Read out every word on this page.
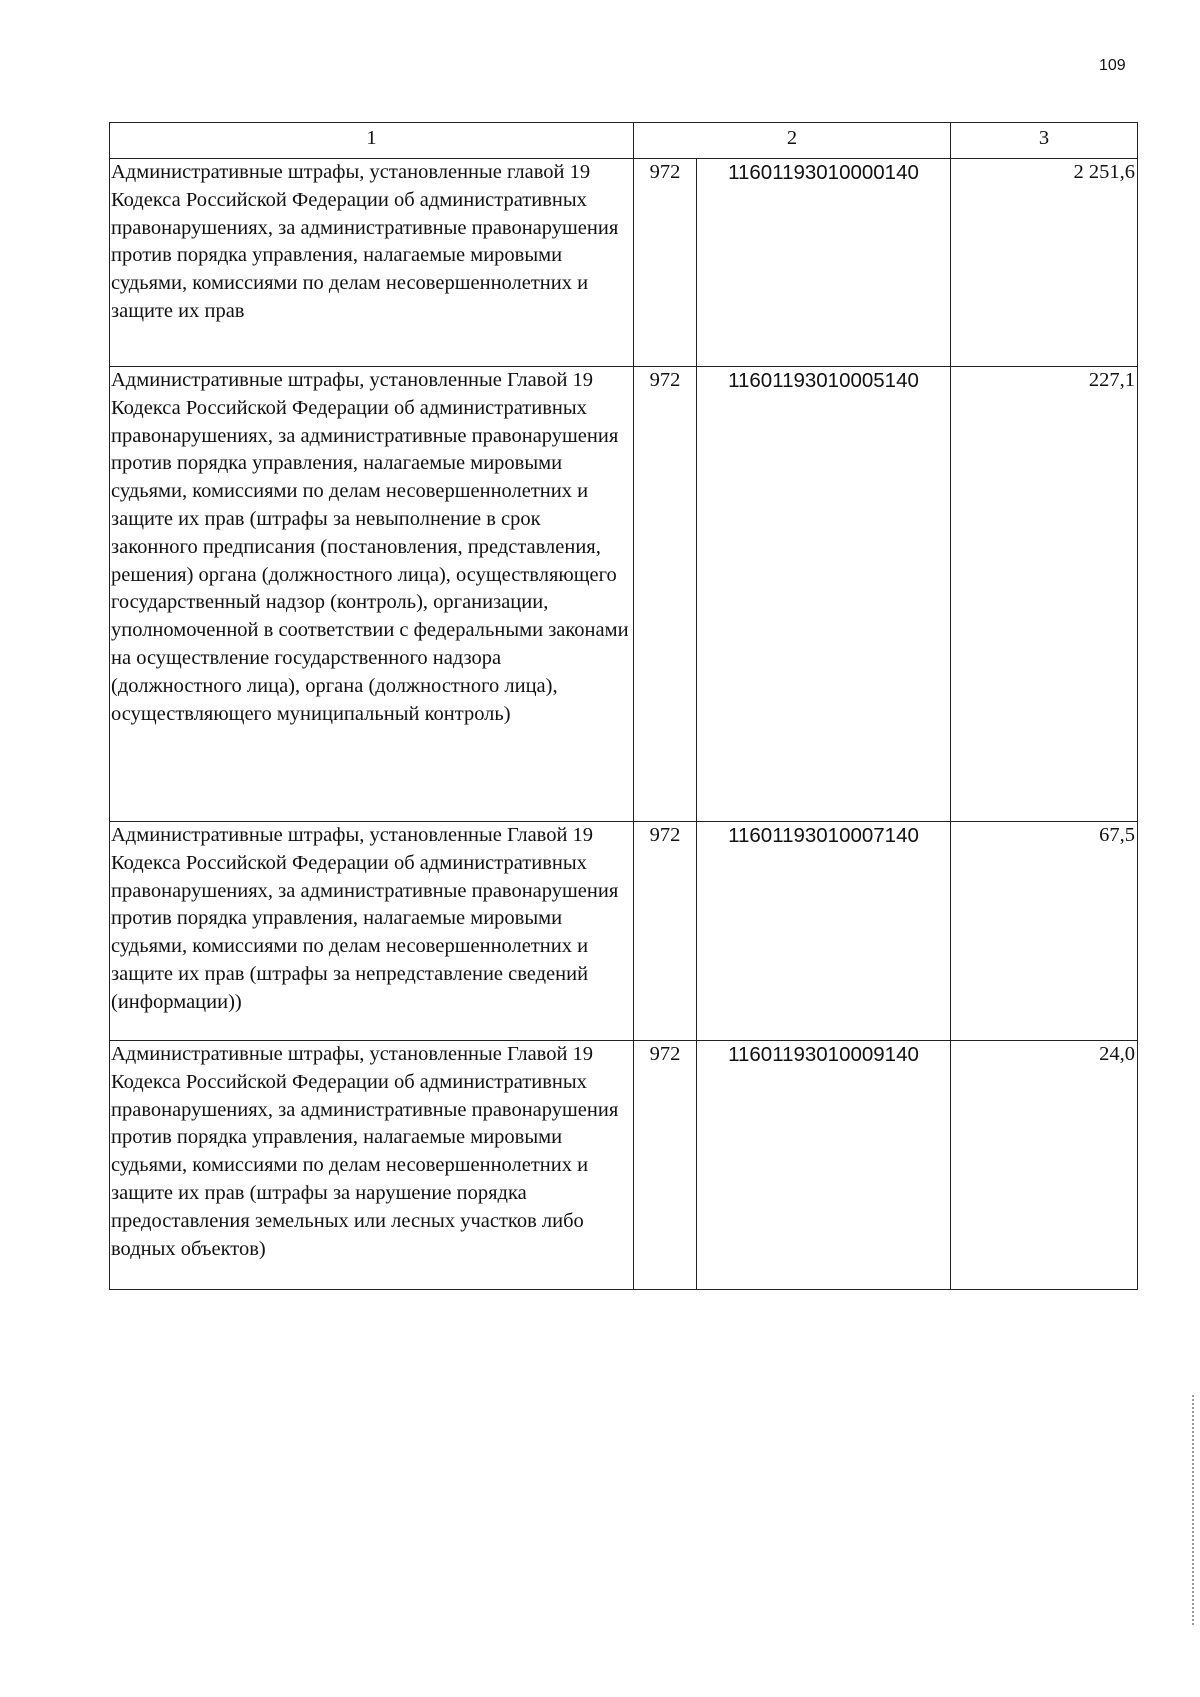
109
1	2		3
Административные штрафы, установленные главой 19 Кодекса Российской Федерации об административных правонарушениях, за административные правонарушения против порядка управления, налагаемые мировыми судьями, комиссиями по делам несовершеннолетних и защите их прав	972	11601193010000140	2 251,6
Административные штрафы, установленные Главой 19 Кодекса Российской Федерации об административных правонарушениях, за административные правонарушения против порядка управления, налагаемые мировыми судьями, комиссиями по делам несовершеннолетних и защите их прав (штрафы за невыполнение в срок законного предписания (постановления, представления, решения) органа (должностного лица), осуществляющего государственный надзор (контроль), организации, уполномоченной в соответствии с федеральными законами на осуществление государственного надзора (должностного лица), органа (должностного лица), осуществляющего муниципальный контроль)	972	11601193010005140	227,1
Административные штрафы, установленные Главой 19 Кодекса Российской Федерации об административных правонарушениях, за административные правонарушения против порядка управления, налагаемые мировыми судьями, комиссиями по делам несовершеннолетних и защите их прав (штрафы за непредставление сведений (информации))	972	11601193010007140	67,5
Административные штрафы, установленные Главой 19 Кодекса Российской Федерации об административных правонарушениях, за административные правонарушения против порядка управления, налагаемые мировыми судьями, комиссиями по делам несовершеннолетних и защите их прав (штрафы за нарушение порядка предоставления земельных или лесных участков либо водных объектов)	972	11601193010009140	24,0
